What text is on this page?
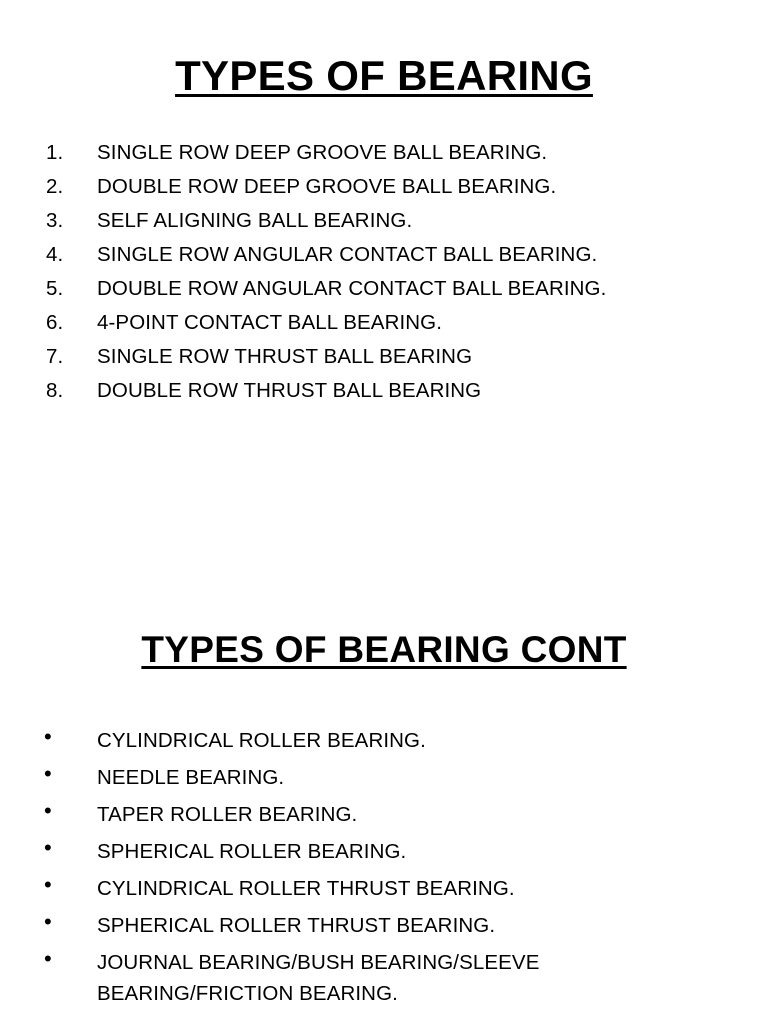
TYPES OF BEARING
1. SINGLE ROW DEEP GROOVE BALL BEARING.
2. DOUBLE ROW DEEP GROOVE BALL BEARING.
3. SELF ALIGNING BALL BEARING.
4. SINGLE ROW ANGULAR CONTACT BALL BEARING.
5. DOUBLE ROW ANGULAR CONTACT BALL BEARING.
6. 4-POINT CONTACT BALL BEARING.
7. SINGLE ROW THRUST BALL BEARING
8. DOUBLE ROW THRUST BALL BEARING
TYPES OF BEARING CONT
• CYLINDRICAL ROLLER BEARING.
• NEEDLE BEARING.
• TAPER ROLLER BEARING.
• SPHERICAL ROLLER BEARING.
• CYLINDRICAL ROLLER THRUST BEARING.
• SPHERICAL ROLLER THRUST BEARING.
• JOURNAL BEARING/BUSH BEARING/SLEEVE BEARING/FRICTION BEARING.
